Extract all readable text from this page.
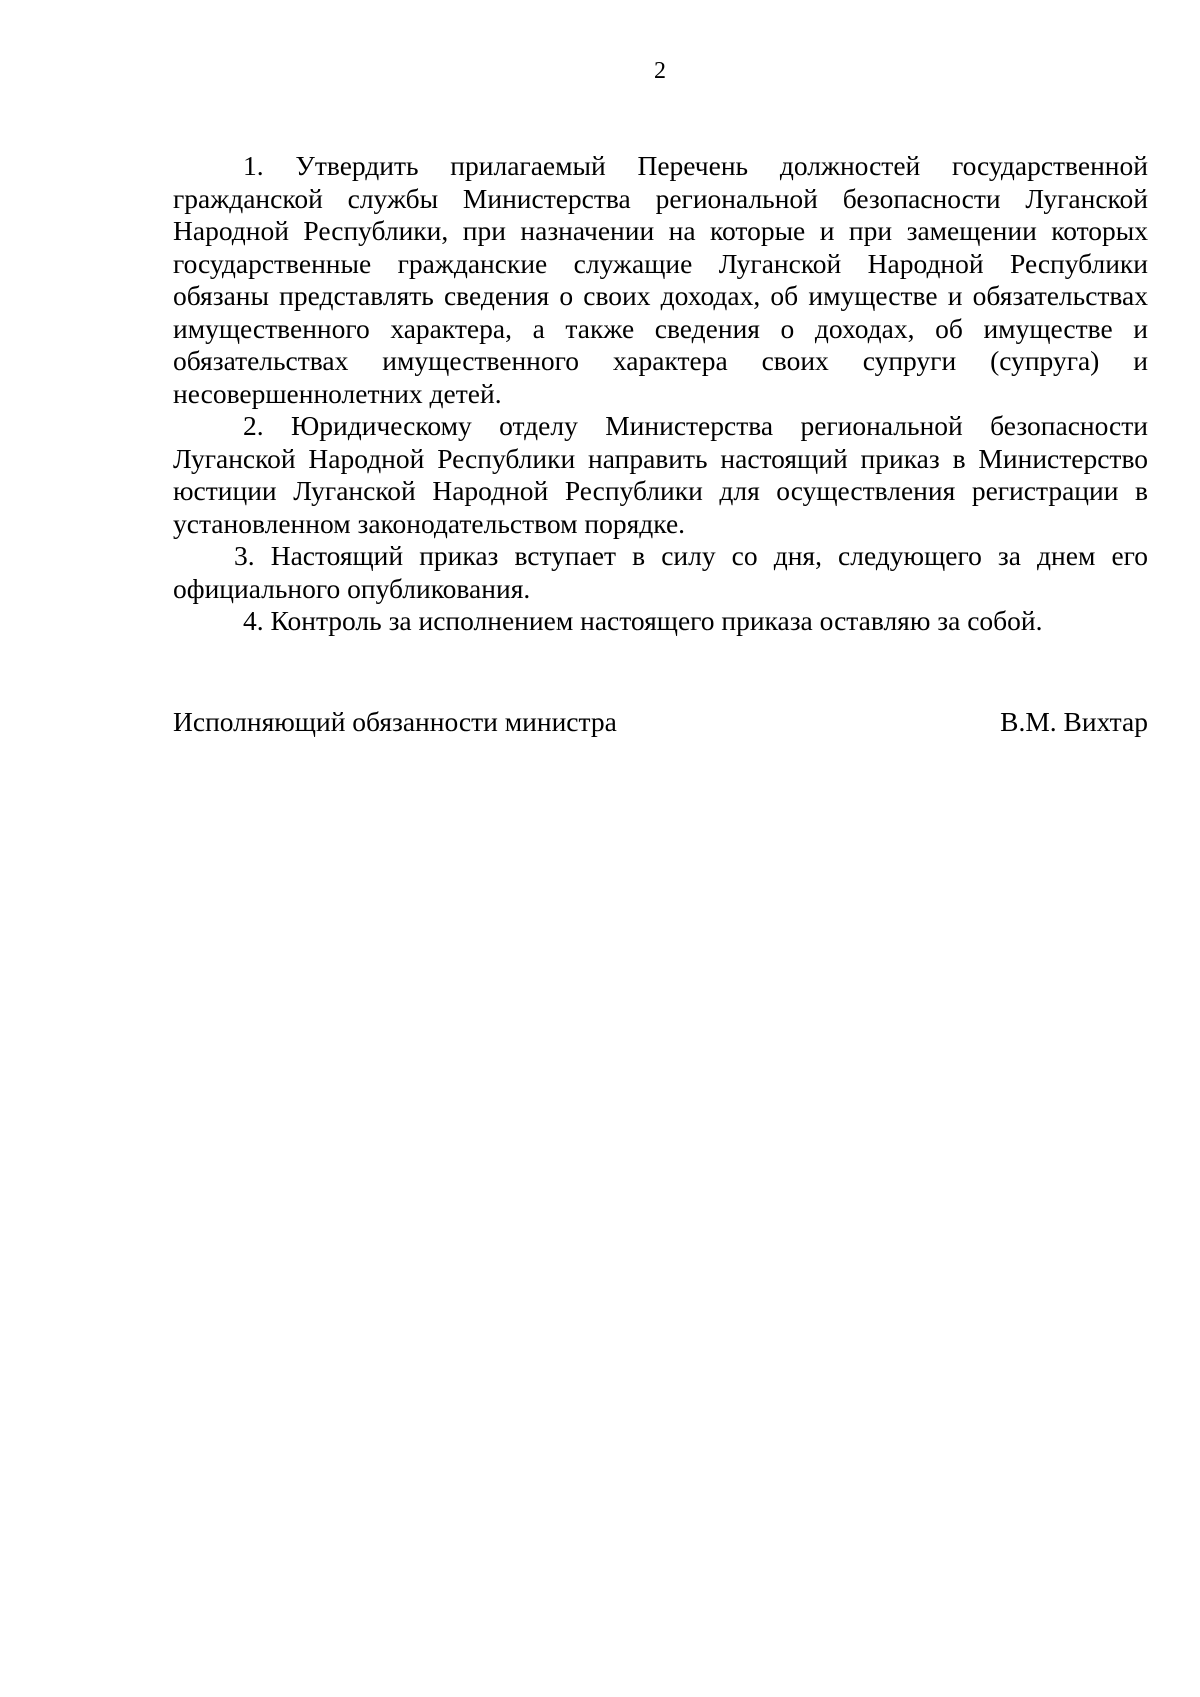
2

1. Утвердить прилагаемый Перечень должностей государственной гражданской службы Министерства региональной безопасности Луганской Народной Республики, при назначении на которые и при замещении которых государственные гражданские служащие Луганской Народной Республики обязаны представлять сведения о своих доходах, об имуществе и обязательствах имущественного характера, а также сведения о доходах, об имуществе и обязательствах имущественного характера своих супруги (супруга) и несовершеннолетних детей.

2. Юридическому отделу Министерства региональной безопасности Луганской Народной Республики направить настоящий приказ в Министерство юстиции Луганской Народной Республики для осуществления регистрации в установленном законодательством порядке.

3. Настоящий приказ вступает в силу со дня, следующего за днем его официального опубликования.

4. Контроль за исполнением настоящего приказа оставляю за собой.

Исполняющий обязанности министра	В.М. Вихтар
